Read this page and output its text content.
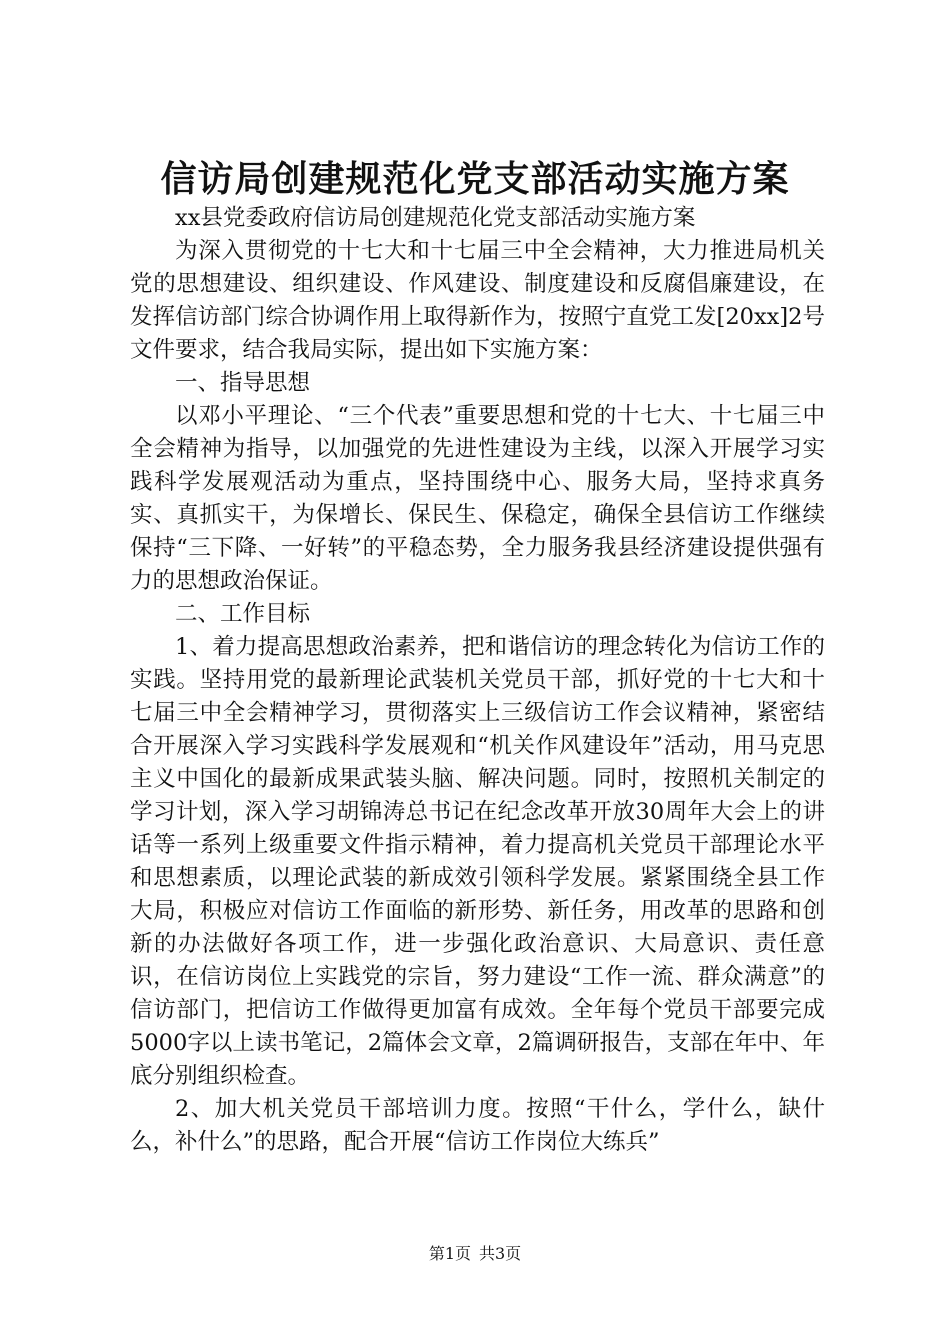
信访局创建规范化党支部活动实施方案

xx县党委政府信访局创建规范化党支部活动实施方案

为深入贯彻党的十七大和十七届三中全会精神，大力推进局机关党的思想建设、组织建设、作风建设、制度建设和反腐倡廉建设，在发挥信访部门综合协调作用上取得新作为，按照宁直党工发[20xx]2号文件要求，结合我局实际，提出如下实施方案：

一、指导思想

以邓小平理论、“三个代表”重要思想和党的十七大、十七届三中全会精神为指导，以加强党的先进性建设为主线，以深入开展学习实践科学发展观活动为重点，坚持围绕中心、服务大局，坚持求真务实、真抓实干，为保增长、保民生、保稳定，确保全县信访工作继续保持“三下降、一好转”的平稳态势，全力服务我县经济建设提供强有力的思想政治保证。

二、工作目标

1、着力提高思想政治素养，把和谐信访的理念转化为信访工作的实践。坚持用党的最新理论武装机关党员干部，抓好党的十七大和十七届三中全会精神学习，贯彻落实上三级信访工作会议精神，紧密结合开展深入学习实践科学发展观和“机关作风建设年”活动，用马克思主义中国化的最新成果武装头脑、解决问题。同时，按照机关制定的学习计划，深入学习胡锦涛总书记在纪念改革开放30周年大会上的讲话等一系列上级重要文件指示精神，着力提高机关党员干部理论水平和思想素质，以理论武装的新成效引领科学发展。紧紧围绕全县工作大局，积极应对信访工作面临的新形势、新任务，用改革的思路和创新的办法做好各项工作，进一步强化政治意识、大局意识、责任意识，在信访岗位上实践党的宗旨，努力建设“工作一流、群众满意”的信访部门，把信访工作做得更加富有成效。全年每个党员干部要完成5000字以上读书笔记，2篇体会文章，2篇调研报告，支部在年中、年底分别组织检查。

2、加大机关党员干部培训力度。按照“干什么，学什么，缺什么，补什么”的思路，配合开展“信访工作岗位大练兵”

第1页 共3页
